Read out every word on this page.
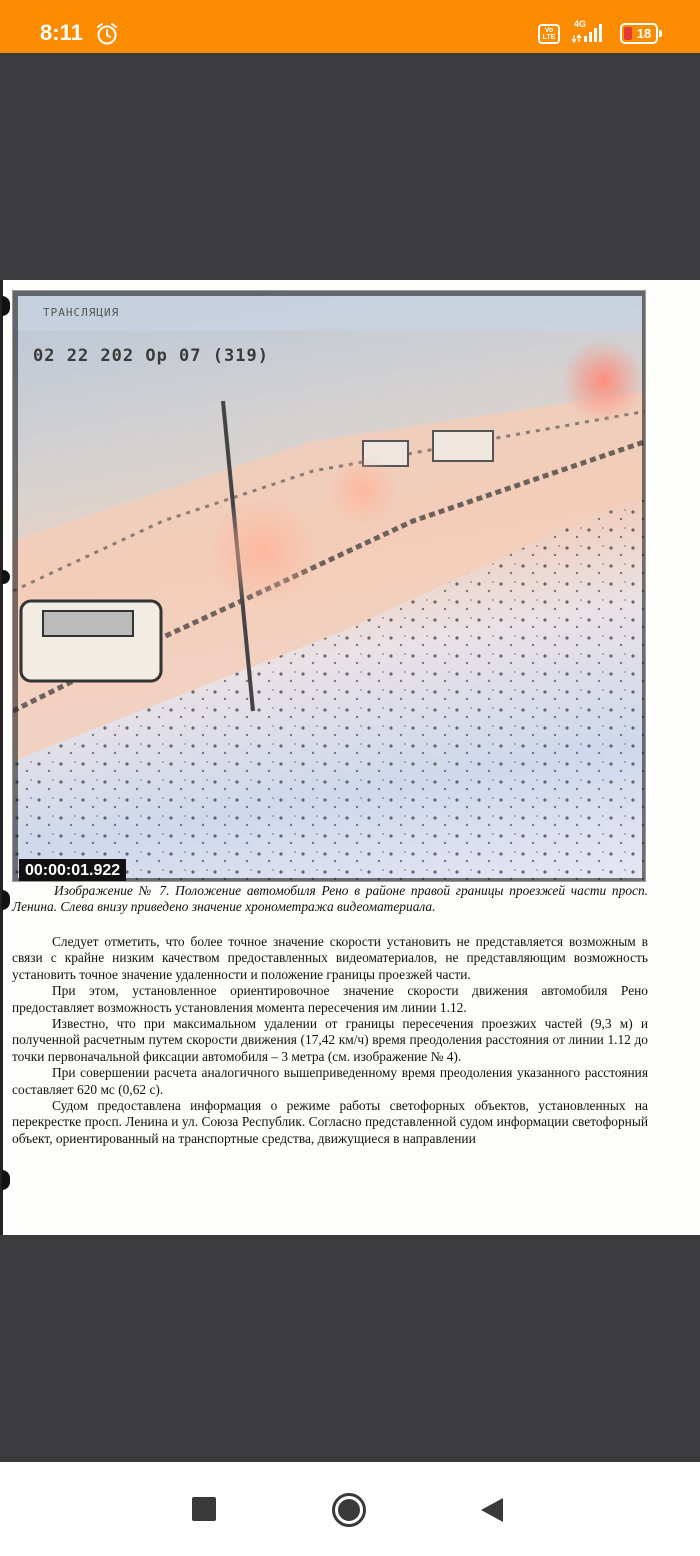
8:11	Vo LTE
4G
18
ТРАНСЛЯЦИЯ
02 22 202 Op 07 (319)
00:00:01.922
Изображение № 7. Положение автомобиля Рено в районе правой границы проезжей части просп. Ленина. Слева внизу приведено значение хронометража видеоматериала.

Следует отметить, что более точное значение скорости установить не представляется возможным в связи с крайне низким качеством предоставленных видеоматериалов, не представляющим возможность установить точное значение удаленности и положение границы проезжей части.

При этом, установленное ориентировочное значение скорости движения автомобиля Рено предоставляет возможность установления момента пересечения им линии 1.12.

Известно, что при максимальном удалении от границы пересечения проезжих частей (9,3 м) и полученной расчетным путем скорости движения (17,42 км/ч) время преодоления расстояния от линии 1.12 до точки первоначальной фиксации автомобиля – 3 метра (см. изображение № 4).

При совершении расчета аналогичного вышеприведенному время преодоления указанного расстояния составляет 620 мс (0,62 с).

Судом предоставлена информация о режиме работы светофорных объектов, установленных на перекрестке просп. Ленина и ул. Союза Республик. Согласно представленной судом информации светофорный объект, ориентированный на транспортные средства, движущиеся в направлении
